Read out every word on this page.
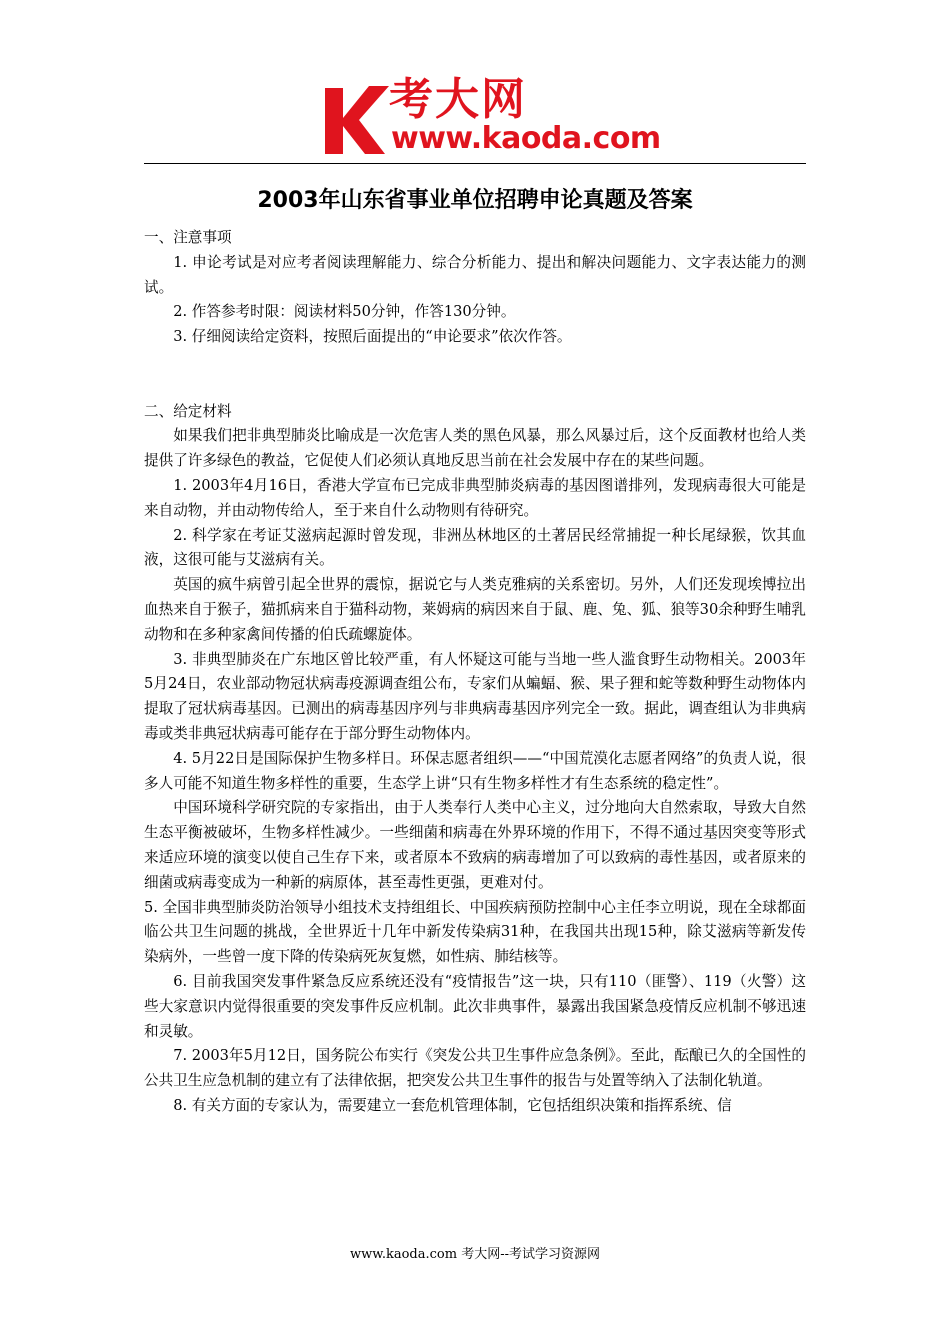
考大网
www.kaoda.com
2003年山东省事业单位招聘申论真题及答案

一、注意事项

1. 申论考试是对应考者阅读理解能力、综合分析能力、提出和解决问题能力、文字表达能力的测试。

2. 作答参考时限：阅读材料50分钟，作答130分钟。

3. 仔细阅读给定资料，按照后面提出的“申论要求”依次作答。

二、给定材料

如果我们把非典型肺炎比喻成是一次危害人类的黑色风暴，那么风暴过后，这个反面教材也给人类提供了许多绿色的教益，它促使人们必须认真地反思当前在社会发展中存在的某些问题。

1. 2003年4月16日，香港大学宣布已完成非典型肺炎病毒的基因图谱排列，发现病毒很大可能是来自动物，并由动物传给人，至于来自什么动物则有待研究。

2. 科学家在考证艾滋病起源时曾发现，非洲丛林地区的土著居民经常捕捉一种长尾绿猴，饮其血液，这很可能与艾滋病有关。

英国的疯牛病曾引起全世界的震惊，据说它与人类克雅病的关系密切。另外，人们还发现埃博拉出血热来自于猴子，猫抓病来自于猫科动物，莱姆病的病因来自于鼠、鹿、兔、狐、狼等30余种野生哺乳动物和在多种家禽间传播的伯氏疏螺旋体。

3. 非典型肺炎在广东地区曾比较严重，有人怀疑这可能与当地一些人滥食野生动物相关。2003年5月24日，农业部动物冠状病毒疫源调查组公布，专家们从蝙蝠、猴、果子狸和蛇等数种野生动物体内提取了冠状病毒基因。已测出的病毒基因序列与非典病毒基因序列完全一致。据此，调查组认为非典病毒或类非典冠状病毒可能存在于部分野生动物体内。

4. 5月22日是国际保护生物多样日。环保志愿者组织——“中国荒漠化志愿者网络”的负责人说，很多人可能不知道生物多样性的重要，生态学上讲“只有生物多样性才有生态系统的稳定性”。

中国环境科学研究院的专家指出，由于人类奉行人类中心主义，过分地向大自然索取，导致大自然生态平衡被破坏，生物多样性减少。一些细菌和病毒在外界环境的作用下，不得不通过基因突变等形式来适应环境的演变以使自己生存下来，或者原本不致病的病毒增加了可以致病的毒性基因，或者原来的细菌或病毒变成为一种新的病原体，甚至毒性更强，更难对付。

5. 全国非典型肺炎防治领导小组技术支持组组长、中国疾病预防控制中心主任李立明说，现在全球都面临公共卫生问题的挑战，全世界近十几年中新发传染病31种，在我国共出现15种，除艾滋病等新发传染病外，一些曾一度下降的传染病死灰复燃，如性病、肺结核等。

6. 目前我国突发事件紧急反应系统还没有“疫情报告”这一块，只有110（匪警）、119（火警）这些大家意识内觉得很重要的突发事件反应机制。此次非典事件，暴露出我国紧急疫情反应机制不够迅速和灵敏。

7. 2003年5月12日，国务院公布实行《突发公共卫生事件应急条例》。至此，酝酿已久的全国性的公共卫生应急机制的建立有了法律依据，把突发公共卫生事件的报告与处置等纳入了法制化轨道。

8. 有关方面的专家认为，需要建立一套危机管理体制，它包括组织决策和指挥系统、信

www.kaoda.com 考大网--考试学习资源网
